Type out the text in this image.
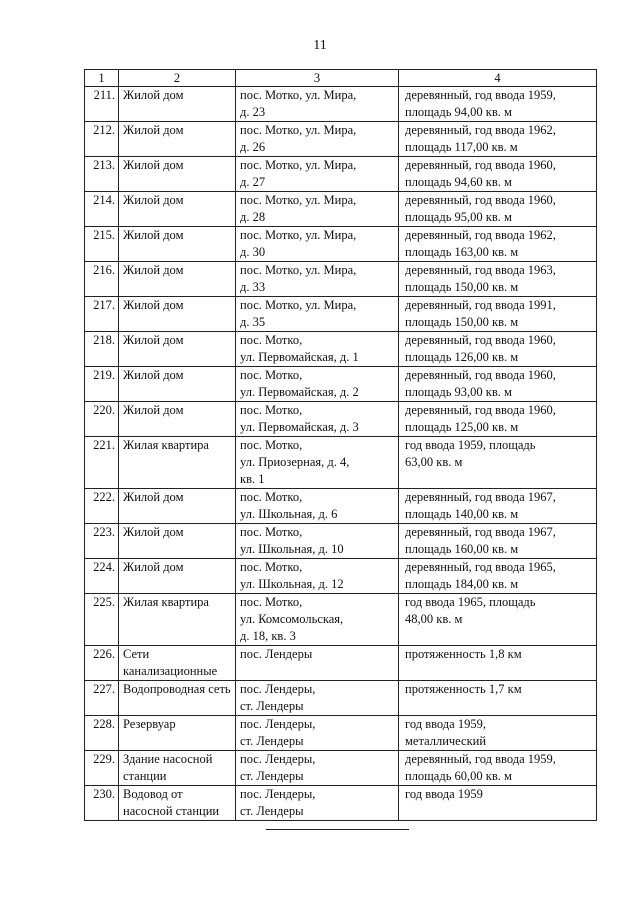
11
1	2	3	4
211.	Жилой дом	пос. Мотко, ул. Мира,
д. 23	деревянный, год ввода 1959,
площадь 94,00 кв. м
212.	Жилой дом	пос. Мотко, ул. Мира,
д. 26	деревянный, год ввода 1962,
площадь 117,00 кв. м
213.	Жилой дом	пос. Мотко, ул. Мира,
д. 27	деревянный, год ввода 1960,
площадь 94,60 кв. м
214.	Жилой дом	пос. Мотко, ул. Мира,
д. 28	деревянный, год ввода 1960,
площадь 95,00 кв. м
215.	Жилой дом	пос. Мотко, ул. Мира,
д. 30	деревянный, год ввода 1962,
площадь 163,00 кв. м
216.	Жилой дом	пос. Мотко, ул. Мира,
д. 33	деревянный, год ввода 1963,
площадь 150,00 кв. м
217.	Жилой дом	пос. Мотко, ул. Мира,
д. 35	деревянный, год ввода 1991,
площадь 150,00 кв. м
218.	Жилой дом	пос. Мотко,
ул. Первомайская, д. 1	деревянный, год ввода 1960,
площадь 126,00 кв. м
219.	Жилой дом	пос. Мотко,
ул. Первомайская, д. 2	деревянный, год ввода 1960,
площадь 93,00 кв. м
220.	Жилой дом	пос. Мотко,
ул. Первомайская, д. 3	деревянный, год ввода 1960,
площадь 125,00 кв. м
221.	Жилая квартира	пос. Мотко,
ул. Приозерная, д. 4,
кв. 1	год ввода 1959, площадь
63,00 кв. м
222.	Жилой дом	пос. Мотко,
ул. Школьная, д. 6	деревянный, год ввода 1967,
площадь 140,00 кв. м
223.	Жилой дом	пос. Мотко,
ул. Школьная, д. 10	деревянный, год ввода 1967,
площадь 160,00 кв. м
224.	Жилой дом	пос. Мотко,
ул. Школьная, д. 12	деревянный, год ввода 1965,
площадь 184,00 кв. м
225.	Жилая квартира	пос. Мотко,
ул. Комсомольская,
д. 18, кв. 3	год ввода 1965, площадь
48,00 кв. м
226.	Сети канализационные	пос. Лендеры	протяженность 1,8 км
227.	Водопроводная сеть	пос. Лендеры,
ст. Лендеры	протяженность 1,7 км
228.	Резервуар	пос. Лендеры,
ст. Лендеры	год ввода 1959,
металлический
229.	Здание насосной станции	пос. Лендеры,
ст. Лендеры	деревянный, год ввода 1959,
площадь 60,00 кв. м
230.	Водовод от насосной станции	пос. Лендеры,
ст. Лендеры	год ввода 1959
